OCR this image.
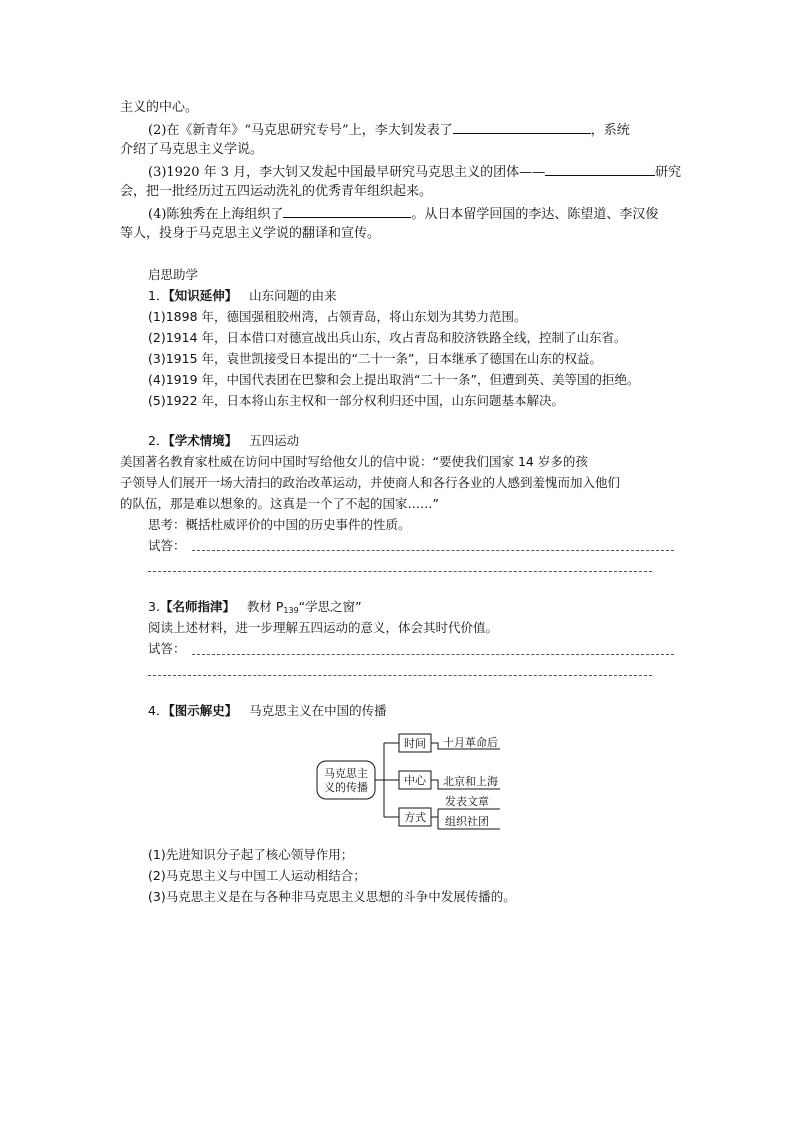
主义的中心。
(2)在《新青年》“马克思研究专号”上，李大钊发表了	，系统
介绍了马克思主义学说。
(3)1920 年 3 月，李大钊又发起中国最早研究马克思主义的团体——	研究
会，把一批经历过五四运动洗礼的优秀青年组织起来。
(4)陈独秀在上海组织了	。从日本留学回国的李达、陈望道、李汉俊
等人，投身于马克思主义学说的翻译和宣传。
启思助学
1．【知识延伸】 山东问题的由来
(1)1898 年，德国强租胶州湾，占领青岛，将山东划为其势力范围。
(2)1914 年，日本借口对德宣战出兵山东，攻占青岛和胶济铁路全线，控制了山东省。
(3)1915 年，袁世凯接受日本提出的“二十一条”，日本继承了德国在山东的权益。
(4)1919 年，中国代表团在巴黎和会上提出取消“二十一条”，但遭到英、美等国的拒绝。
(5)1922 年，日本将山东主权和一部分权利归还中国，山东问题基本解决。
2．【学术情境】 五四运动
美国著名教育家杜威在访问中国时写给他女儿的信中说：“要使我们国家 14 岁多的孩
子领导人们展开一场大清扫的政治改革运动，并使商人和各行各业的人感到羞愧而加入他们
的队伍，那是难以想象的。这真是一个了不起的国家……”
思考：概括杜威评价的中国的历史事件的性质。
试答：
3.【名师指津】 教材 $P_{139}“$学思之窗”
阅读上述材料，进一步理解五四运动的意义，体会其时代价值。
试答：
4．【图示解史】 马克思主义在中国的传播
马克思主
义的传播
时间
中心
方式
十月革命后
北京和上海
发表文章
组织社团
(1)先进知识分子起了核心领导作用；
(2)马克思主义与中国工人运动相结合；
(3)马克思主义是在与各种非马克思主义思想的斗争中发展传播的。
